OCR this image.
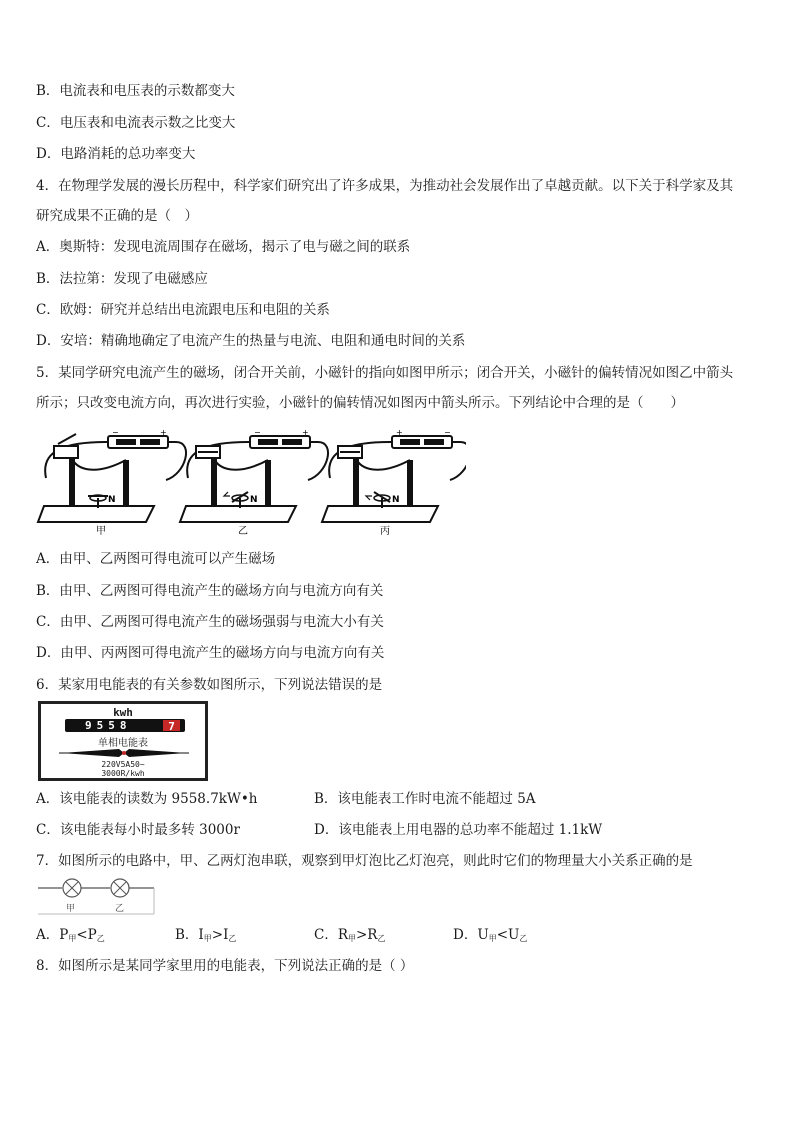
B．电流表和电压表的示数都变大
C．电压表和电流表示数之比变大
D．电路消耗的总功率变大
4．在物理学发展的漫长历程中，科学家们研究出了许多成果，为推动社会发展作出了卓越贡献。以下关于科学家及其
研究成果不正确的是（　）
A．奥斯特：发现电流周围存在磁场，揭示了电与磁之间的联系
B．法拉第：发现了电磁感应
C．欧姆：研究并总结出电流跟电压和电阻的关系
D．安培：精确地确定了电流产生的热量与电流、电阻和通电时间的关系
5．某同学研究电流产生的磁场，闭合开关前，小磁针的指向如图甲所示；闭合开关，小磁针的偏转情况如图乙中箭头
所示；只改变电流方向，再次进行实验，小磁针的偏转情况如图丙中箭头所示。下列结论中合理的是（　　）
−	+
N
甲
−	+
N
乙
+	−
N
丙
A．由甲、乙两图可得电流可以产生磁场
B．由甲、乙两图可得电流产生的磁场方向与电流方向有关
C．由甲、乙两图可得电流产生的磁场强弱与电流大小有关
D．由甲、丙两图可得电流产生的磁场方向与电流方向有关
6．某家用电能表的有关参数如图所示，下列说法错误的是
kwh
9558	7
单相电能表
220V5A50~
3000R/kwh
A．该电能表的读数为 9558.7kW•h	B．该电能表工作时电流不能超过 5A
C．该电能表每小时最多转 3000r	D．该电能表上用电器的总功率不能超过 1.1kW
7．如图所示的电路中，甲、乙两灯泡串联，观察到甲灯泡比乙灯泡亮，则此时它们的物理量大小关系正确的是
甲	乙
A．$P_甲<P_乙$	B．$I_甲>I_乙$	C．$R_甲>R_乙$	D．$U_甲<U_乙$
8．如图所示是某同学家里用的电能表，下列说法正确的是（ ）
